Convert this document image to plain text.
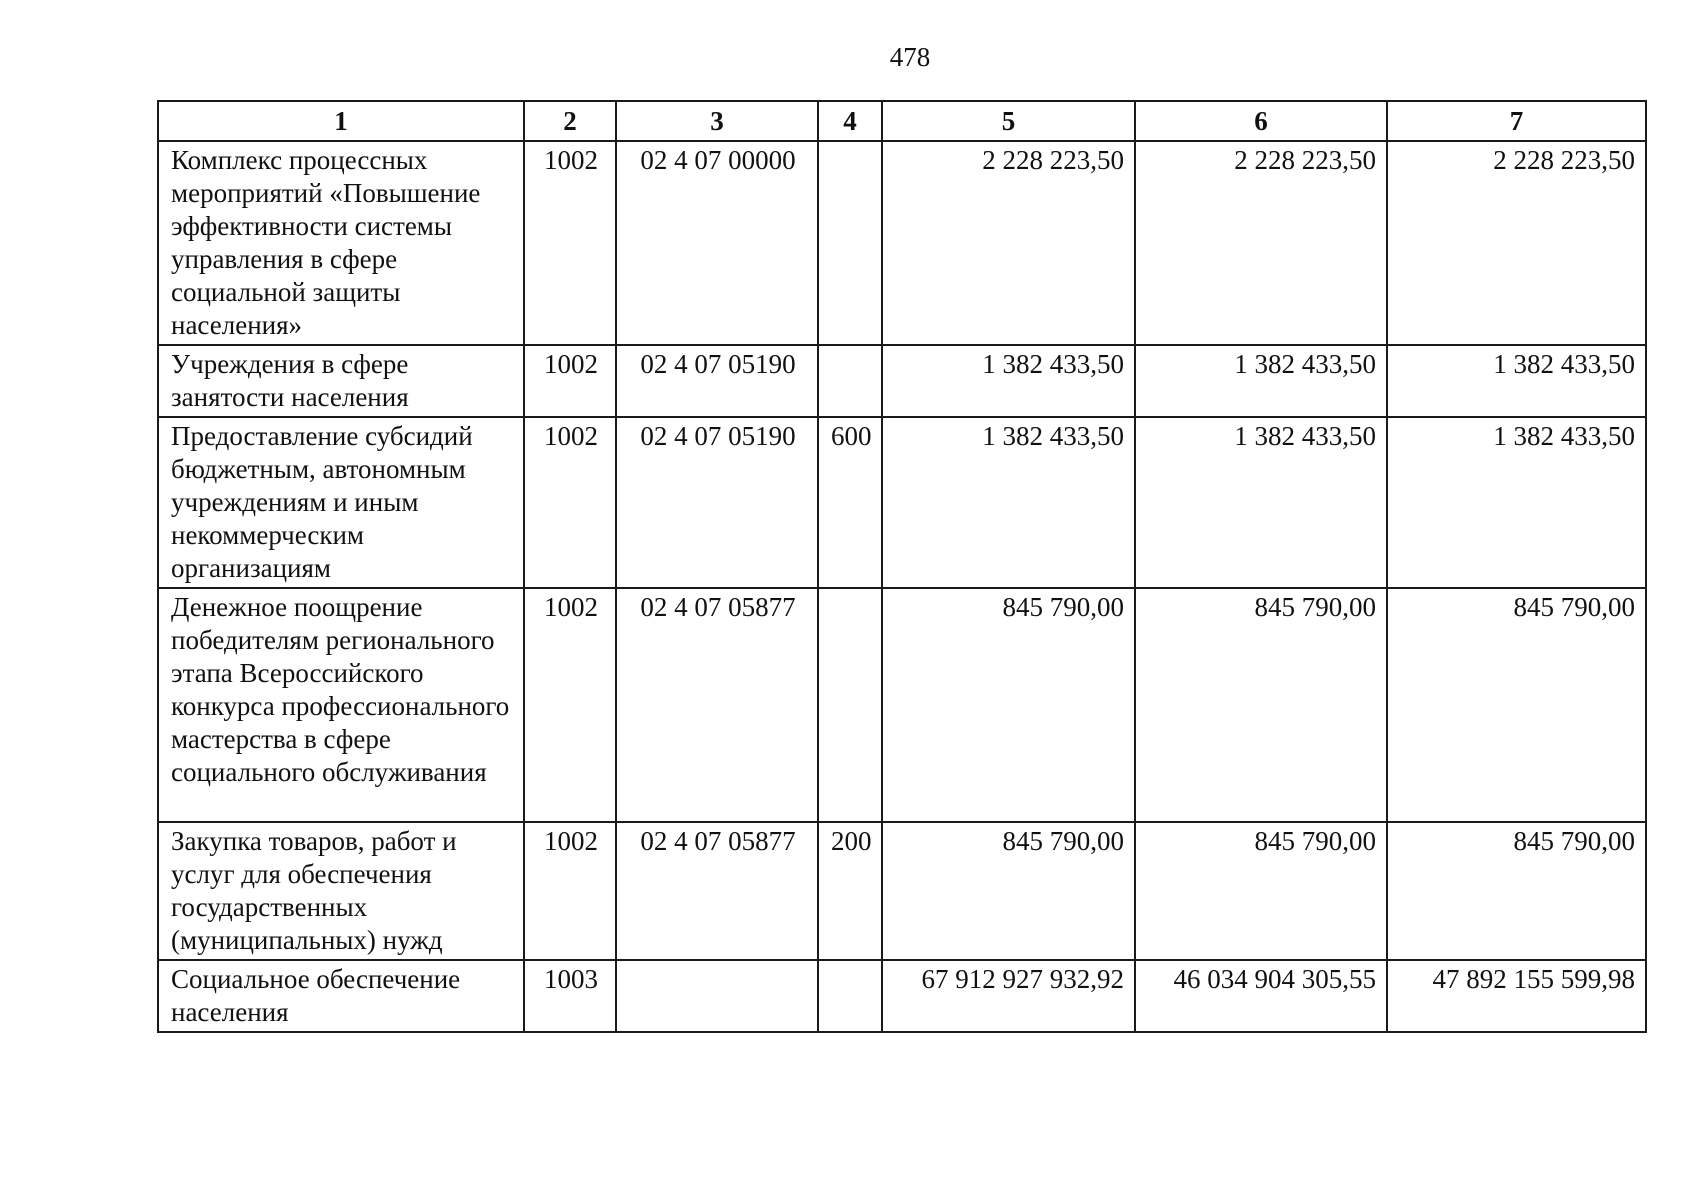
478
1	2	3	4	5	6	7
Комплекс процессных мероприятий «Повышение эффективности системы управления в сфере социальной защиты населения»	1002	02 4 07 00000		2 228 223,50	2 228 223,50	2 228 223,50
Учреждения в сфере занятости населения	1002	02 4 07 05190		1 382 433,50	1 382 433,50	1 382 433,50
Предоставление субсидий бюджетным, автономным учреждениям и иным некоммерческим организациям	1002	02 4 07 05190	600	1 382 433,50	1 382 433,50	1 382 433,50
Денежное поощрение победителям регионального этапа Всероссийского конкурса профессионального мастерства в сфере социального обслуживания	1002	02 4 07 05877		845 790,00	845 790,00	845 790,00
Закупка товаров, работ и услуг для обеспечения государственных (муниципальных) нужд	1002	02 4 07 05877	200	845 790,00	845 790,00	845 790,00
Социальное обеспечение населения	1003			67 912 927 932,92	46 034 904 305,55	47 892 155 599,98
